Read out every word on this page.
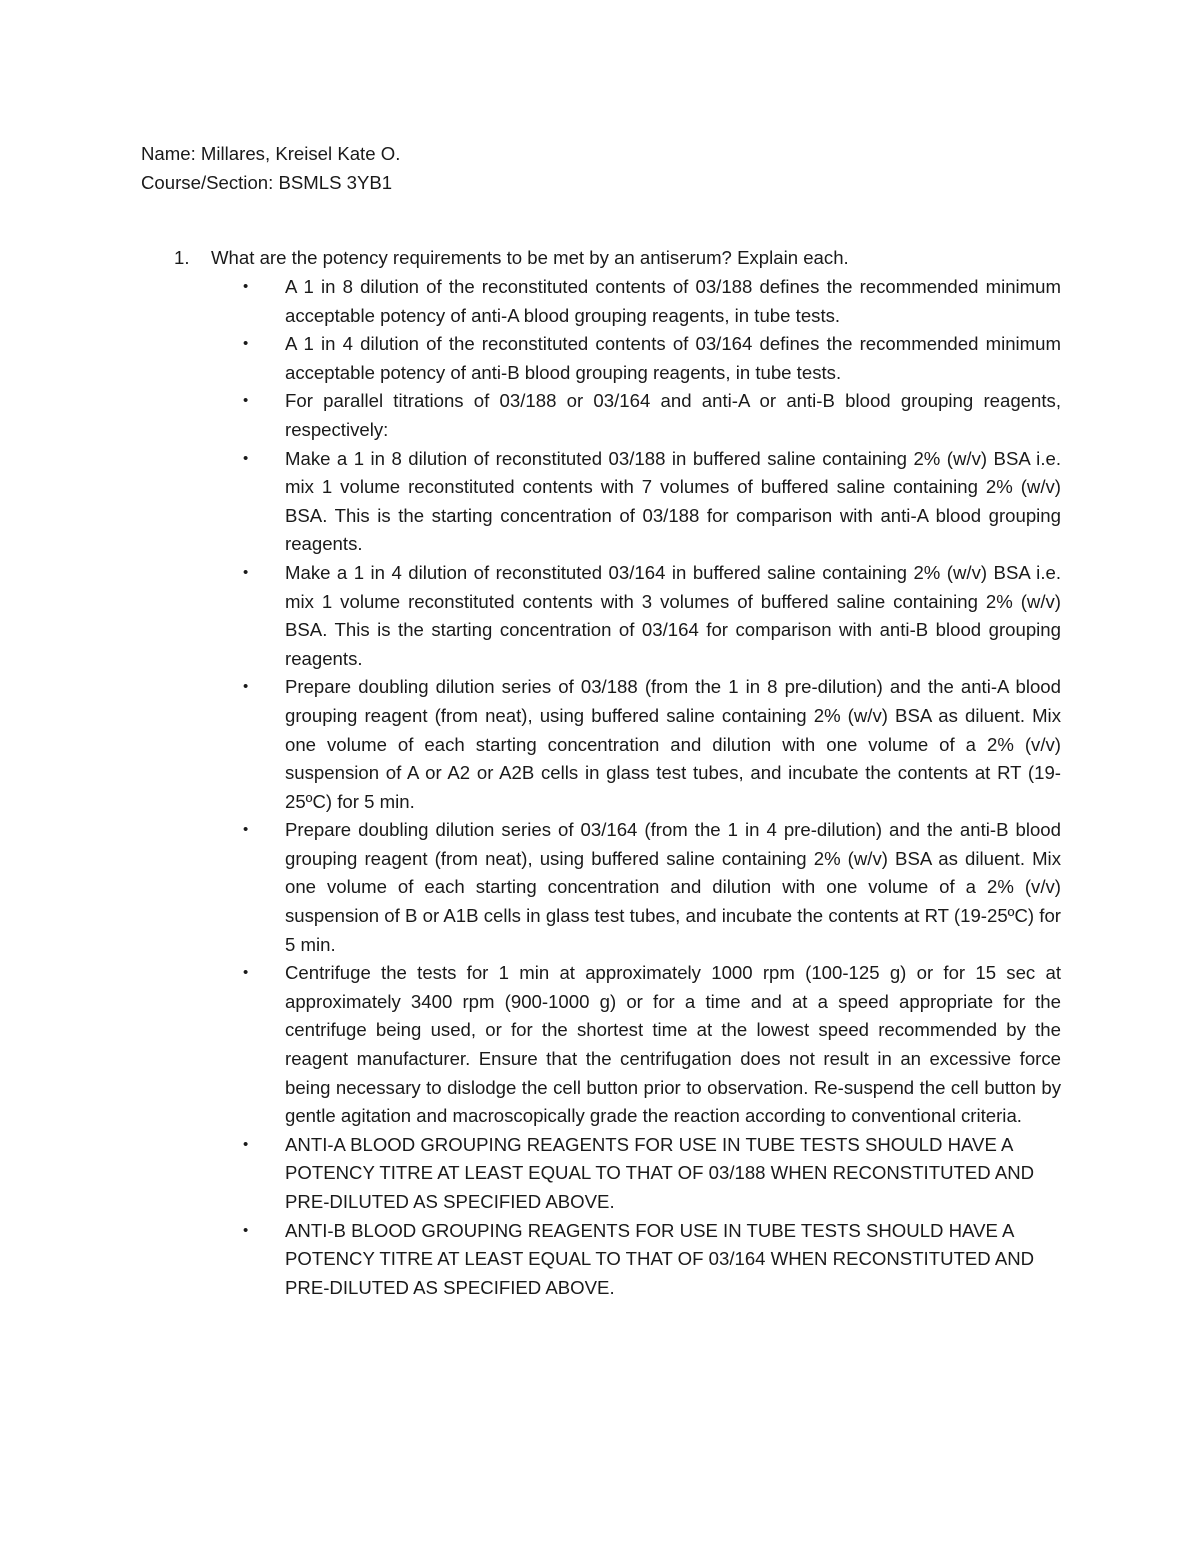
Name: Millares, Kreisel Kate O.
Course/Section: BSMLS 3YB1
1.	What are the potency requirements to be met by an antiserum? Explain each.
•	A 1 in 8 dilution of the reconstituted contents of 03/188 defines the recommended minimum acceptable potency of anti-A blood grouping reagents, in tube tests.
•	A 1 in 4 dilution of the reconstituted contents of 03/164 defines the recommended minimum acceptable potency of anti-B blood grouping reagents, in tube tests.
•	For parallel titrations of 03/188 or 03/164 and anti-A or anti-B blood grouping reagents, respectively:
•	Make a 1 in 8 dilution of reconstituted 03/188 in buffered saline containing 2% (w/v) BSA i.e. mix 1 volume reconstituted contents with 7 volumes of buffered saline containing 2% (w/v) BSA. This is the starting concentration of 03/188 for comparison with anti-A blood grouping reagents.
•	Make a 1 in 4 dilution of reconstituted 03/164 in buffered saline containing 2% (w/v) BSA i.e. mix 1 volume reconstituted contents with 3 volumes of buffered saline containing 2% (w/v) BSA. This is the starting concentration of 03/164 for comparison with anti-B blood grouping reagents.
•	Prepare doubling dilution series of 03/188 (from the 1 in 8 pre-dilution) and the anti-A blood grouping reagent (from neat), using buffered saline containing 2% (w/v) BSA as diluent. Mix one volume of each starting concentration and dilution with one volume of a 2% (v/v) suspension of A or A2 or A2B cells in glass test tubes, and incubate the contents at RT (19-25ºC) for 5 min.
•	Prepare doubling dilution series of 03/164 (from the 1 in 4 pre-dilution) and the anti-B blood grouping reagent (from neat), using buffered saline containing 2% (w/v) BSA as diluent. Mix one volume of each starting concentration and dilution with one volume of a 2% (v/v) suspension of B or A1B cells in glass test tubes, and incubate the contents at RT (19-25ºC) for 5 min.
•	Centrifuge the tests for 1 min at approximately 1000 rpm (100-125 g) or for 15 sec at approximately 3400 rpm (900-1000 g) or for a time and at a speed appropriate for the centrifuge being used, or for the shortest time at the lowest speed recommended by the reagent manufacturer. Ensure that the centrifugation does not result in an excessive force being necessary to dislodge the cell button prior to observation. Re-suspend the cell button by gentle agitation and macroscopically grade the reaction according to conventional criteria.
•	ANTI-A BLOOD GROUPING REAGENTS FOR USE IN TUBE TESTS SHOULD HAVE A POTENCY TITRE AT LEAST EQUAL TO THAT OF 03/188 WHEN RECONSTITUTED AND PRE-DILUTED AS SPECIFIED ABOVE.
•	ANTI-B BLOOD GROUPING REAGENTS FOR USE IN TUBE TESTS SHOULD HAVE A POTENCY TITRE AT LEAST EQUAL TO THAT OF 03/164 WHEN RECONSTITUTED AND PRE-DILUTED AS SPECIFIED ABOVE.
